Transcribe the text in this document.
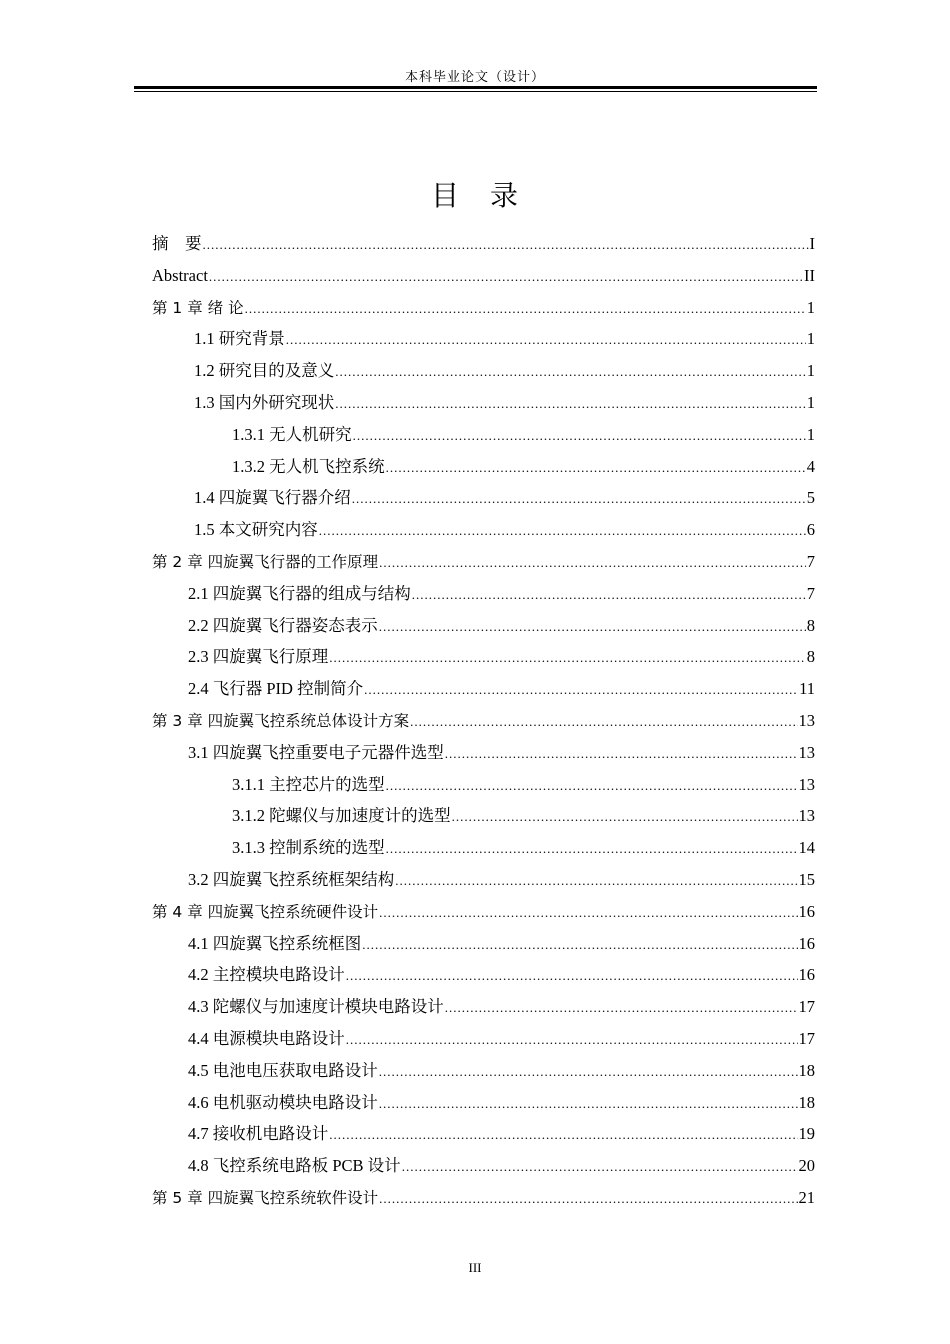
本科毕业论文（设计）
目 录
摘　要 .....	I
Abstract .....	II
第 1 章 绪 论 .....	1
1.1 研究背景 .....	1
1.2 研究目的及意义 .....	1
1.3 国内外研究现状 .....	1
1.3.1 无人机研究 .....	1
1.3.2 无人机飞控系统 .....	4
1.4 四旋翼飞行器介绍 .....	5
1.5 本文研究内容 .....	6
第 2 章 四旋翼飞行器的工作原理 .....	7
2.1 四旋翼飞行器的组成与结构 .....	7
2.2 四旋翼飞行器姿态表示 .....	8
2.3 四旋翼飞行原理 .....	8
2.4 飞行器 PID 控制简介 .....	11
第 3 章 四旋翼飞控系统总体设计方案 .....	13
3.1 四旋翼飞控重要电子元器件选型 .....	13
3.1.1 主控芯片的选型 .....	13
3.1.2 陀螺仪与加速度计的选型 .....	13
3.1.3 控制系统的选型 .....	14
3.2 四旋翼飞控系统框架结构 .....	15
第 4 章 四旋翼飞控系统硬件设计 .....	16
4.1 四旋翼飞控系统框图 .....	16
4.2 主控模块电路设计 .....	16
4.3 陀螺仪与加速度计模块电路设计 .....	17
4.4 电源模块电路设计 .....	17
4.5 电池电压获取电路设计 .....	18
4.6 电机驱动模块电路设计 .....	18
4.7 接收机电路设计 .....	19
4.8 飞控系统电路板 PCB 设计 .....	20
第 5 章 四旋翼飞控系统软件设计 .....	21
III
